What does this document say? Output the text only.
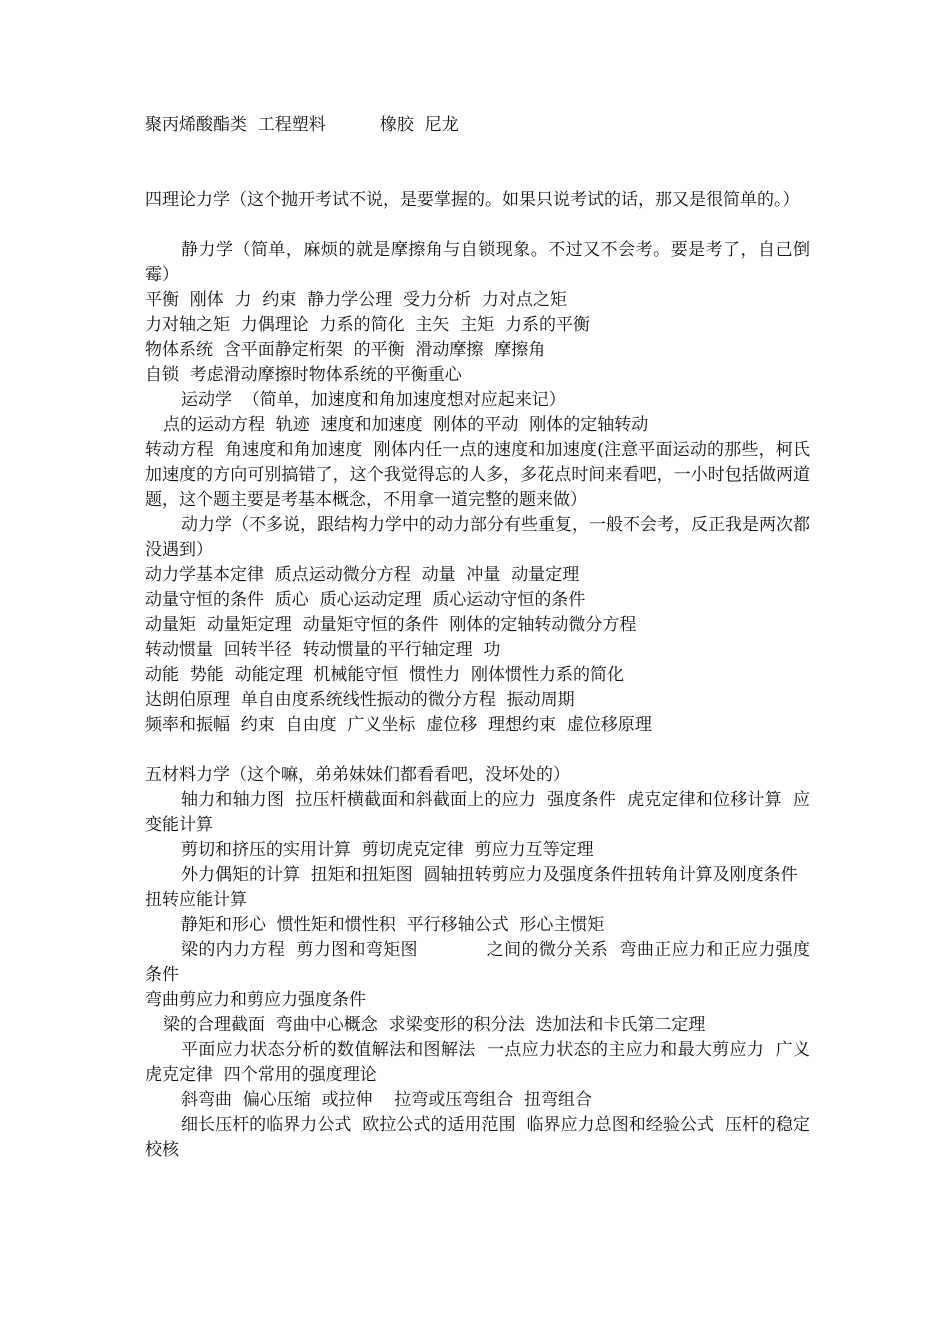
聚丙烯酸酯类  工程塑料          橡胶  尼龙

四理论力学（这个抛开考试不说，是要掌握的。如果只说考试的话，那又是很简单的。）

静力学（简单，麻烦的就是摩擦角与自锁现象。不过又不会考。要是考了，自己倒霉）

平衡  刚体  力  约束  静力学公理  受力分析  力对点之矩

力对轴之矩  力偶理论  力系的简化  主矢  主矩  力系的平衡

物体系统  含平面静定桁架  的平衡  滑动摩擦  摩擦角

自锁  考虑滑动摩擦时物体系统的平衡重心

运动学  （简单，加速度和角加速度想对应起来记）

点的运动方程  轨迹  速度和加速度  刚体的平动  刚体的定轴转动

转动方程  角速度和角加速度  刚体内任一点的速度和加速度(注意平面运动的那些，柯氏加速度的方向可别搞错了，这个我觉得忘的人多，多花点时间来看吧，一小时包括做两道题，这个题主要是考基本概念，不用拿一道完整的题来做）

动力学（不多说，跟结构力学中的动力部分有些重复，一般不会考，反正我是两次都没遇到）

动力学基本定律  质点运动微分方程  动量  冲量  动量定理

动量守恒的条件  质心  质心运动定理  质心运动守恒的条件

动量矩  动量矩定理  动量矩守恒的条件  刚体的定轴转动微分方程

转动惯量  回转半径  转动惯量的平行轴定理  功

动能  势能  动能定理  机械能守恒  惯性力  刚体惯性力系的简化

达朗伯原理  单自由度系统线性振动的微分方程  振动周期

频率和振幅  约束  自由度  广义坐标  虚位移  理想约束  虚位移原理

五材料力学（这个嘛，弟弟妹妹们都看看吧，没坏处的）

轴力和轴力图  拉压杆横截面和斜截面上的应力  强度条件  虎克定律和位移计算  应变能计算

剪切和挤压的实用计算  剪切虎克定律  剪应力互等定理

外力偶矩的计算  扭矩和扭矩图  圆轴扭转剪应力及强度条件扭转角计算及刚度条件

扭转应能计算

静矩和形心  惯性矩和惯性积  平行移轴公式  形心主惯矩

梁的内力方程  剪力图和弯矩图            之间的微分关系  弯曲正应力和正应力强度条件

弯曲剪应力和剪应力强度条件

梁的合理截面  弯曲中心概念  求梁变形的积分法  迭加法和卡氏第二定理

平面应力状态分析的数值解法和图解法  一点应力状态的主应力和最大剪应力  广义虎克定律  四个常用的强度理论

斜弯曲  偏心压缩  或拉伸    拉弯或压弯组合  扭弯组合

细长压杆的临界力公式  欧拉公式的适用范围  临界应力总图和经验公式  压杆的稳定校核
